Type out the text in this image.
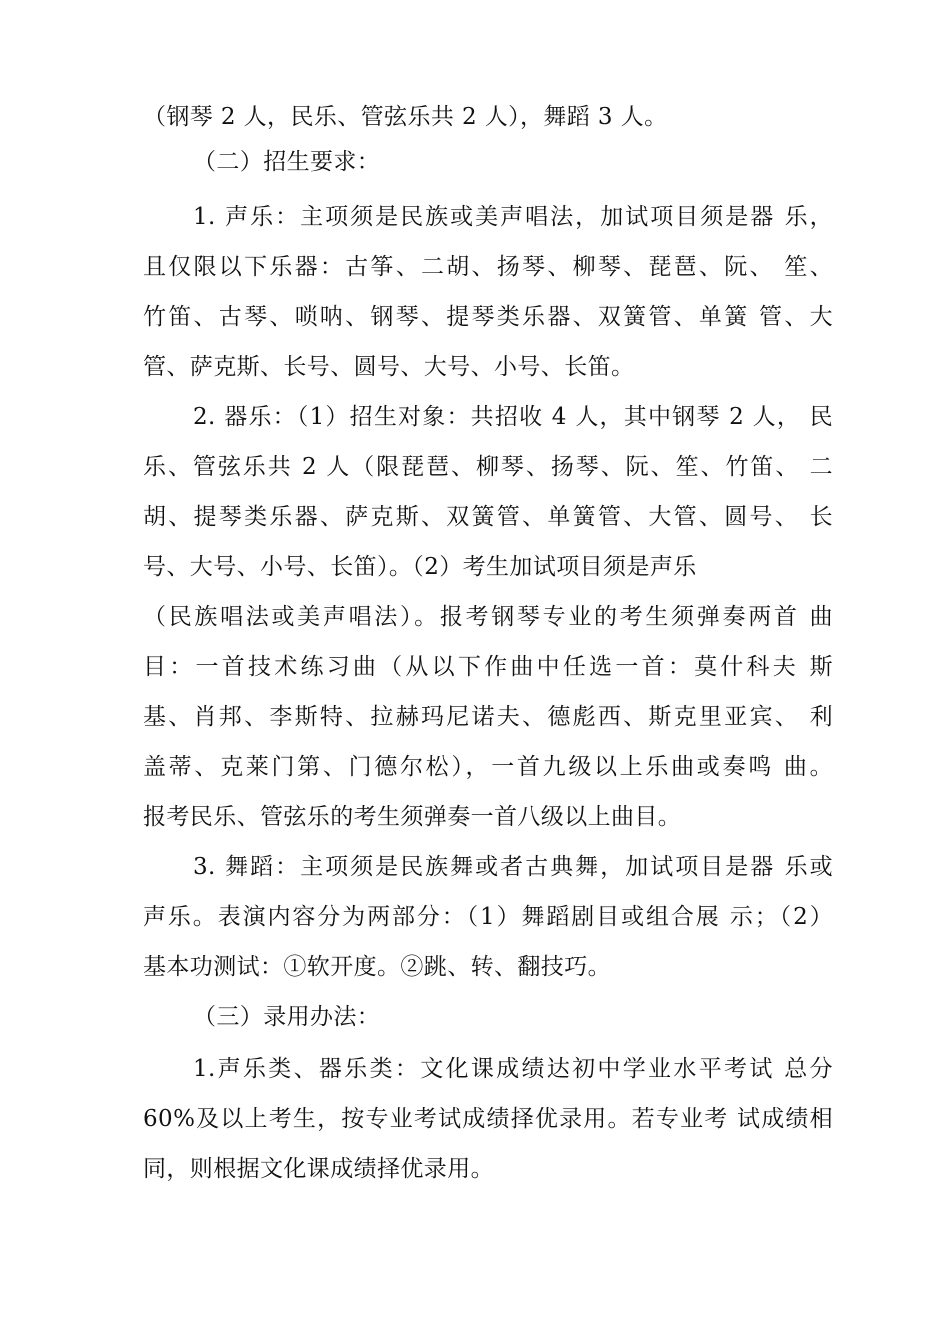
（钢琴 2 人，民乐、管弦乐共 2 人），舞蹈 3 人。
（二）招生要求：
1. 声乐：主项须是民族或美声唱法，加试项目须是器 乐，
且仅限以下乐器：古筝、二胡、扬琴、柳琴、琵琶、阮、 笙、
竹笛、古琴、唢呐、钢琴、提琴类乐器、双簧管、单簧 管、大
管、萨克斯、长号、圆号、大号、小号、长笛。
2. 器乐：（1）招生对象：共招收 4 人，其中钢琴 2 人， 民
乐、管弦乐共 2 人（限琵琶、柳琴、扬琴、阮、笙、竹笛、 二
胡、提琴类乐器、萨克斯、双簧管、单簧管、大管、圆号、 长
号、大号、小号、长笛）。（2）考生加试项目须是声乐
（民族唱法或美声唱法）。报考钢琴专业的考生须弹奏两首 曲
目：一首技术练习曲（从以下作曲中任选一首：莫什科夫 斯
基、肖邦、李斯特、拉赫玛尼诺夫、德彪西、斯克里亚宾、 利
盖蒂、克莱门第、门德尔松），一首九级以上乐曲或奏鸣 曲。
报考民乐、管弦乐的考生须弹奏一首八级以上曲目。
3. 舞蹈：主项须是民族舞或者古典舞，加试项目是器 乐或
声乐。表演内容分为两部分：（1）舞蹈剧目或组合展 示；（2）
基本功测试：①软开度。②跳、转、翻技巧。
（三）录用办法：
1.声乐类、器乐类：文化课成绩达初中学业水平考试 总分
60%及以上考生，按专业考试成绩择优录用。若专业考 试成绩相
同，则根据文化课成绩择优录用。
